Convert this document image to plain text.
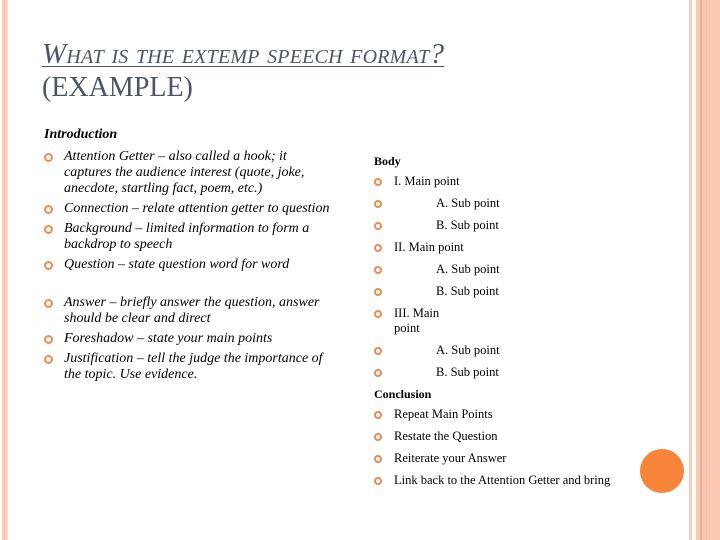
What is the extemp speech format?
(EXAMPLE)
Introduction
Attention Getter – also called a hook; it captures the audience interest (quote, joke, anecdote, startling fact, poem, etc.)
Connection – relate attention getter to question
Background – limited information to form a backdrop to speech
Question – state question word for word
Answer – briefly answer the question, answer should be clear and direct
Foreshadow – state your main points
Justification – tell the judge the importance of the topic. Use evidence.
Body
I. Main point
A. Sub point
B. Sub point
II. Main point
A. Sub point
B. Sub point
III. Main point
A. Sub point
B. Sub point
Conclusion
Repeat Main Points
Restate the Question
Reiterate your Answer
Link back to the Attention Getter and bring
